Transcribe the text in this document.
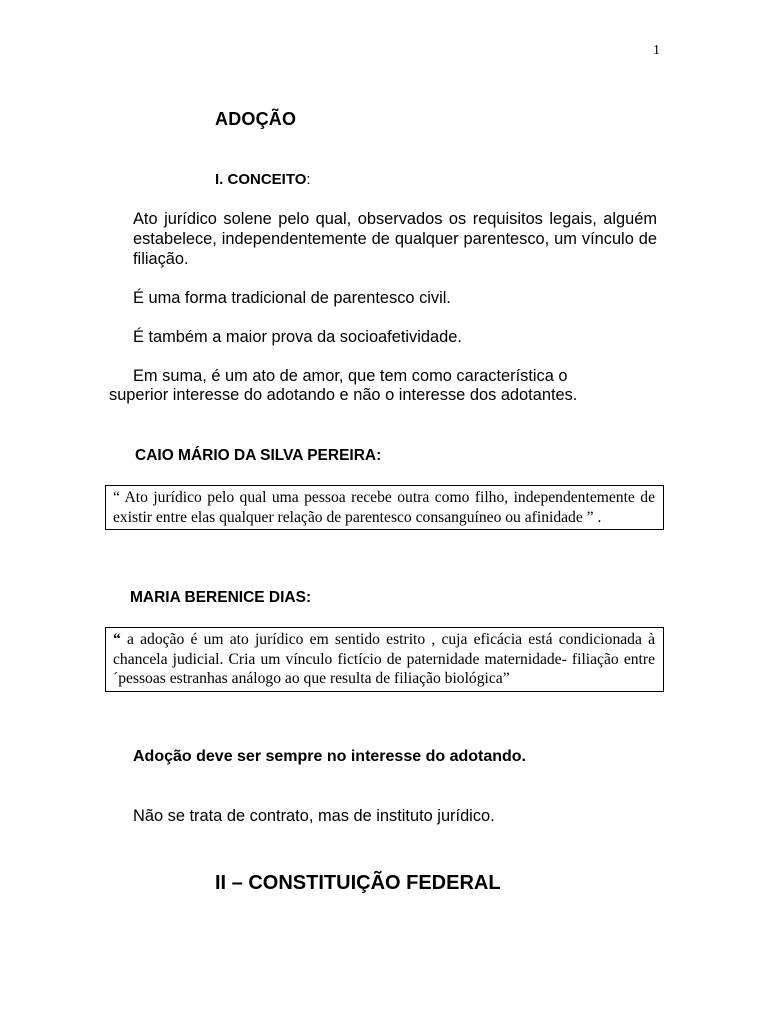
1
ADOÇÃO
I. CONCEITO:
Ato jurídico solene pelo qual, observados os requisitos legais, alguém estabelece, independentemente de qualquer parentesco, um vínculo de filiação.
É uma forma tradicional de parentesco civil.
É também a maior prova da socioafetividade.
Em suma, é um ato de amor, que tem como característica o
superior interesse do adotando e não o interesse dos adotantes.
CAIO MÁRIO DA SILVA PEREIRA:
“ Ato jurídico pelo qual uma pessoa recebe outra como filho, independentemente de existir entre elas qualquer relação de parentesco consanguíneo ou afinidade ” .
MARIA BERENICE DIAS:
“ a adoção é um ato jurídico em sentido estrito , cuja eficácia está condicionada à chancela judicial. Cria um vínculo fictício de paternidade maternidade- filiação entre ´pessoas estranhas análogo ao que resulta de filiação biológica”
Adoção deve ser sempre no interesse do adotando.
Não se trata de contrato, mas de instituto jurídico.
II – CONSTITUIÇÃO FEDERAL
